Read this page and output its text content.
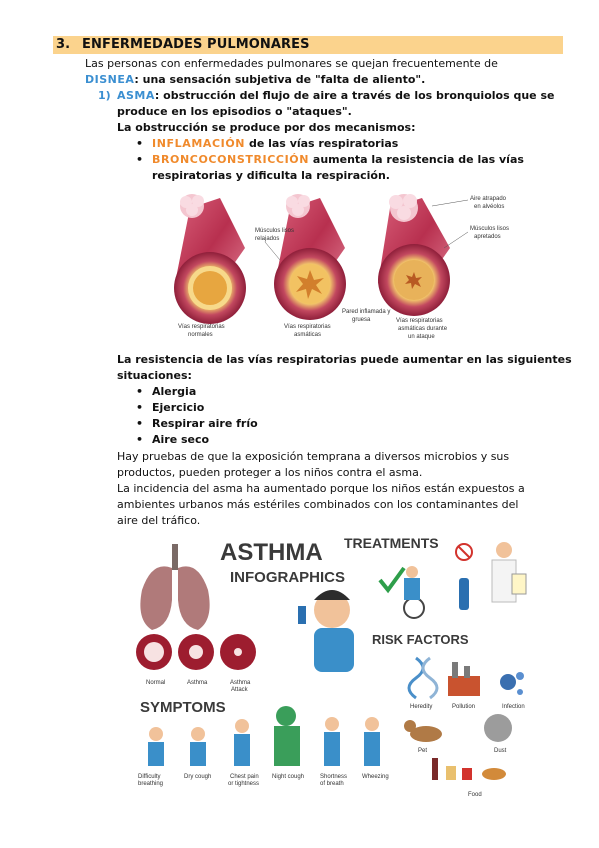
3. ENFERMEDADES PULMONARES
Las personas con enfermedades pulmonares se quejan frecuentemente de
DISNEA: una sensación subjetiva de "falta de aliento".
1) ASMA: obstrucción del flujo de aire a través de los bronquiolos que se
produce en los episodios o "ataques".
La obstrucción se produce por dos mecanismos:
• INFLAMACIÓN de las vías respiratorias
• BRONCOCONSTRICCIÓN aumenta la resistencia de las vías
respiratorias y dificulta la respiración.
Músculos lisos
relajados
Aire atrapado
en alvéolos
Músculos lisos
apretados
Pared inflamada y
gruesa
Vías respiratorias
normales
Vías respiratorias
asmáticas
Vías respiratorias
asmáticas durante
un ataque
La resistencia de las vías respiratorias puede aumentar en las siguientes
situaciones:
• Alergia
• Ejercicio
• Respirar aire frío
• Aire seco
Hay pruebas de que la exposición temprana a diversos microbios y sus
productos, pueden proteger a los niños contra el asma.
La incidencia del asma ha aumentado porque los niños están expuestos a
ambientes urbanos más estériles combinados con los contaminantes del
aire del tráfico.
ASTHMA
INFOGRAPHICS
TREATMENTS
RISK FACTORS
Normal	Asthma	Asthma
Attack
Heredity	Pollution	Infection
Pet	Dust
Food
SYMPTOMS
Difficulty
breathing
Dry cough	Chest pain
or tightness
Night cough	Shortness
of breath
Wheezing
